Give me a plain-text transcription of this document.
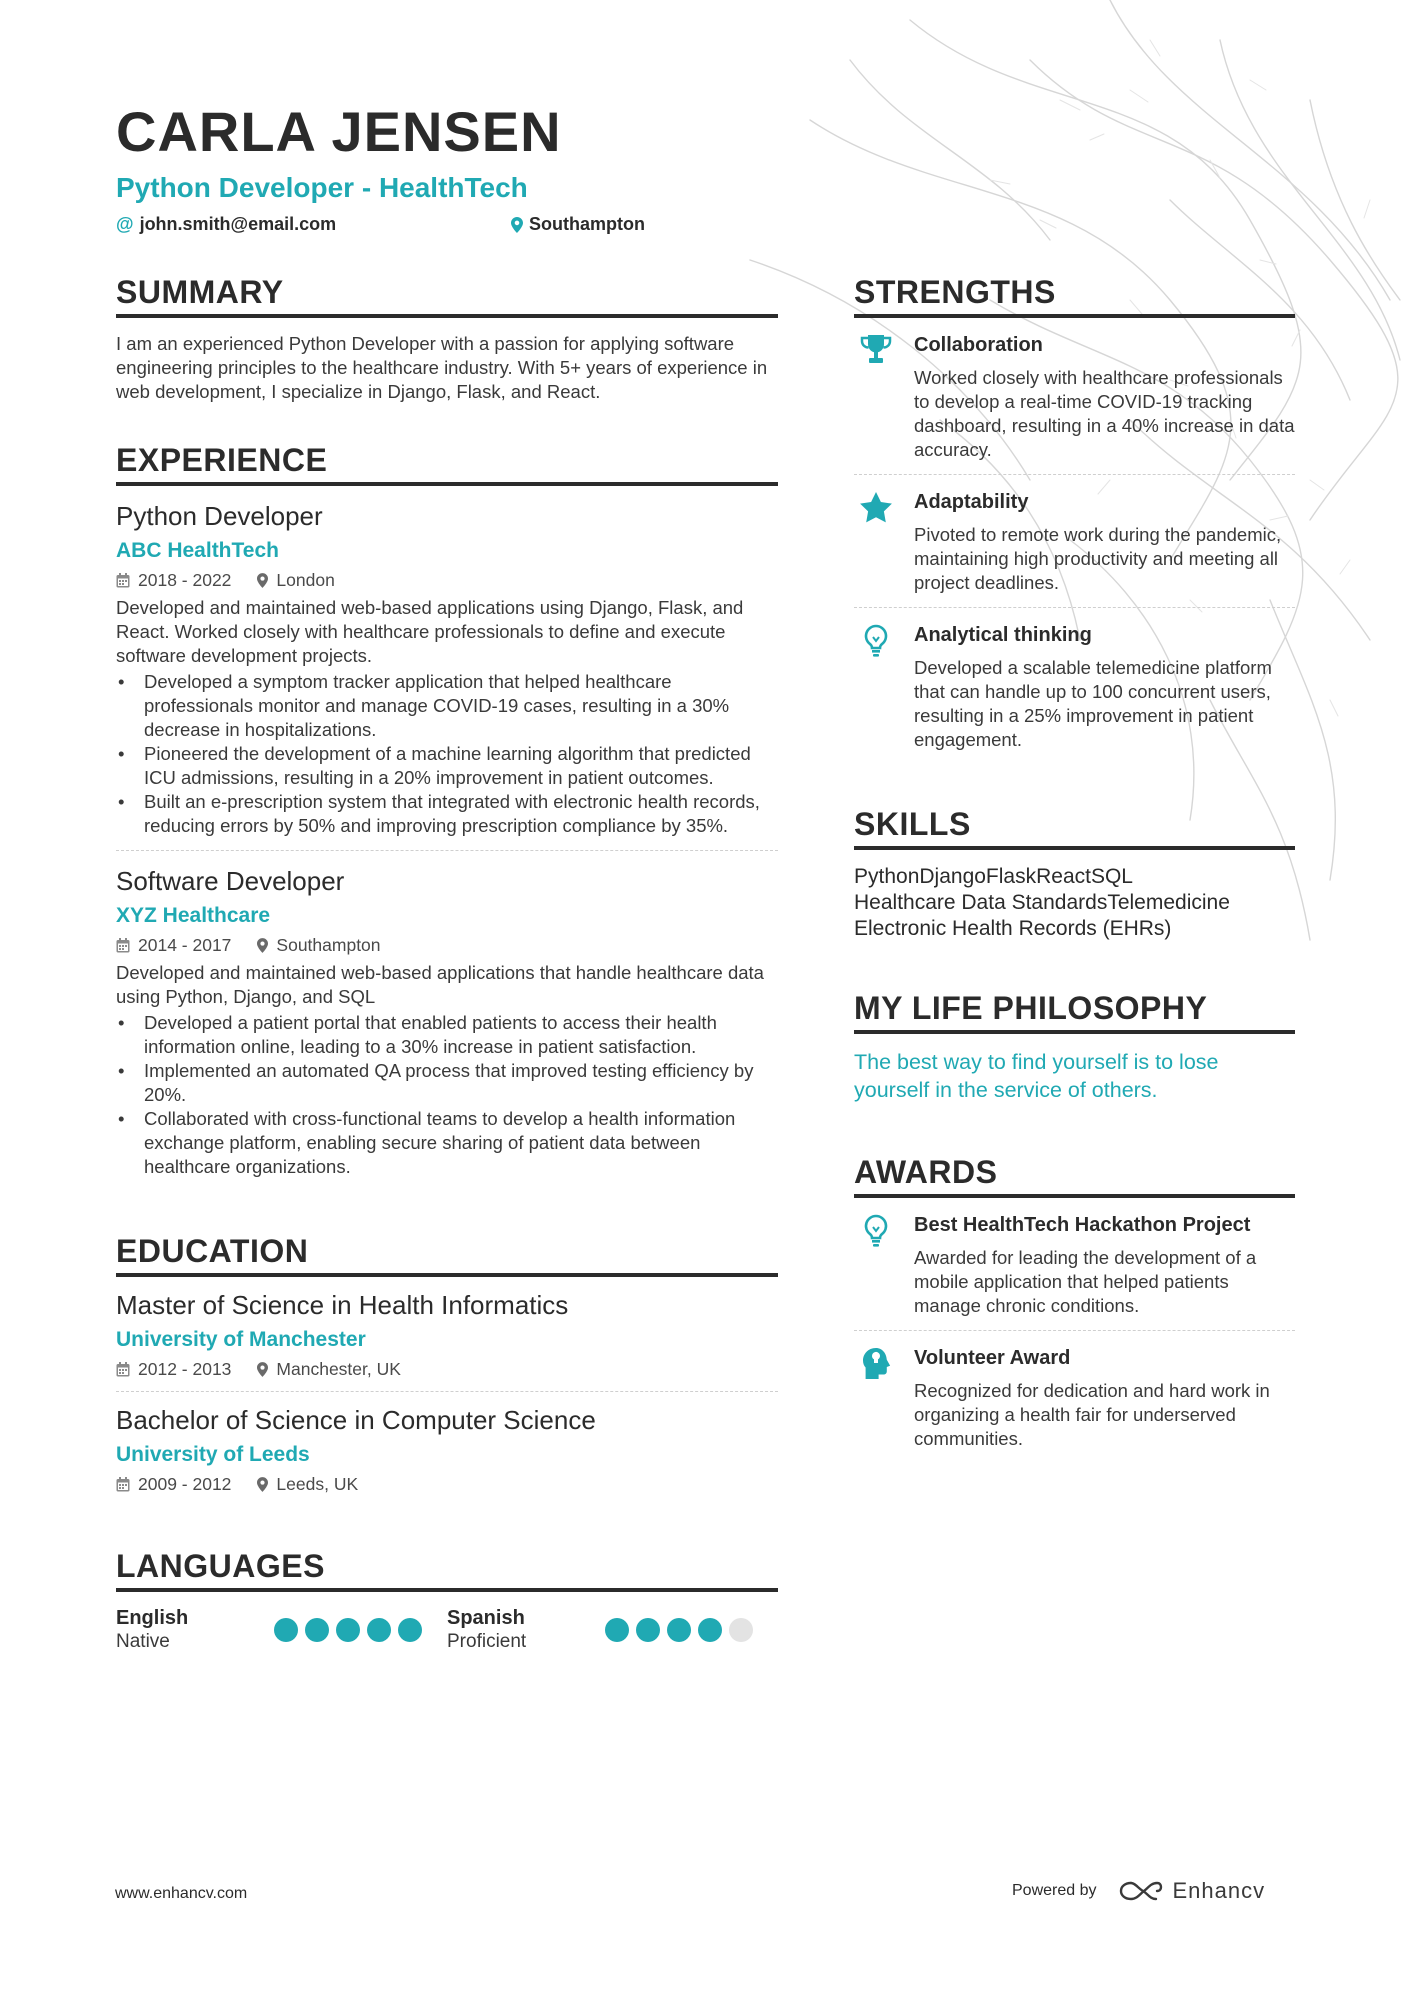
CARLA JENSEN
Python Developer - HealthTech
@ john.smith@email.com	Southampton
SUMMARY
I am an experienced Python Developer with a passion for applying software engineering principles to the healthcare industry. With 5+ years of experience in web development, I specialize in Django, Flask, and React.
EXPERIENCE
Python Developer
ABC HealthTech
2018 - 2022	London
Developed and maintained web-based applications using Django, Flask, and React. Worked closely with healthcare professionals to define and execute software development projects.
• Developed a symptom tracker application that helped healthcare professionals monitor and manage COVID-19 cases, resulting in a 30% decrease in hospitalizations.
• Pioneered the development of a machine learning algorithm that predicted ICU admissions, resulting in a 20% improvement in patient outcomes.
• Built an e-prescription system that integrated with electronic health records, reducing errors by 50% and improving prescription compliance by 35%.
Software Developer
XYZ Healthcare
2014 - 2017	Southampton
Developed and maintained web-based applications that handle healthcare data using Python, Django, and SQL
• Developed a patient portal that enabled patients to access their health information online, leading to a 30% increase in patient satisfaction.
• Implemented an automated QA process that improved testing efficiency by 20%.
• Collaborated with cross-functional teams to develop a health information exchange platform, enabling secure sharing of patient data between healthcare organizations.
EDUCATION
Master of Science in Health Informatics
University of Manchester
2012 - 2013	Manchester, UK
Bachelor of Science in Computer Science
University of Leeds
2009 - 2012	Leeds, UK
LANGUAGES
English
Native
Spanish
Proficient
STRENGTHS
Collaboration
Worked closely with healthcare professionals to develop a real-time COVID-19 tracking dashboard, resulting in a 40% increase in data accuracy.
Adaptability
Pivoted to remote work during the pandemic, maintaining high productivity and meeting all project deadlines.
Analytical thinking
Developed a scalable telemedicine platform that can handle up to 100 concurrent users, resulting in a 25% improvement in patient engagement.
SKILLS
PythonDjangoFlaskReactSQL
Healthcare Data StandardsTelemedicine
Electronic Health Records (EHRs)
MY LIFE PHILOSOPHY
The best way to find yourself is to lose yourself in the service of others.
AWARDS
Best HealthTech Hackathon Project
Awarded for leading the development of a mobile application that helped patients manage chronic conditions.
Volunteer Award
Recognized for dedication and hard work in organizing a health fair for underserved communities.
www.enhancv.com	Powered by	Enhancv
